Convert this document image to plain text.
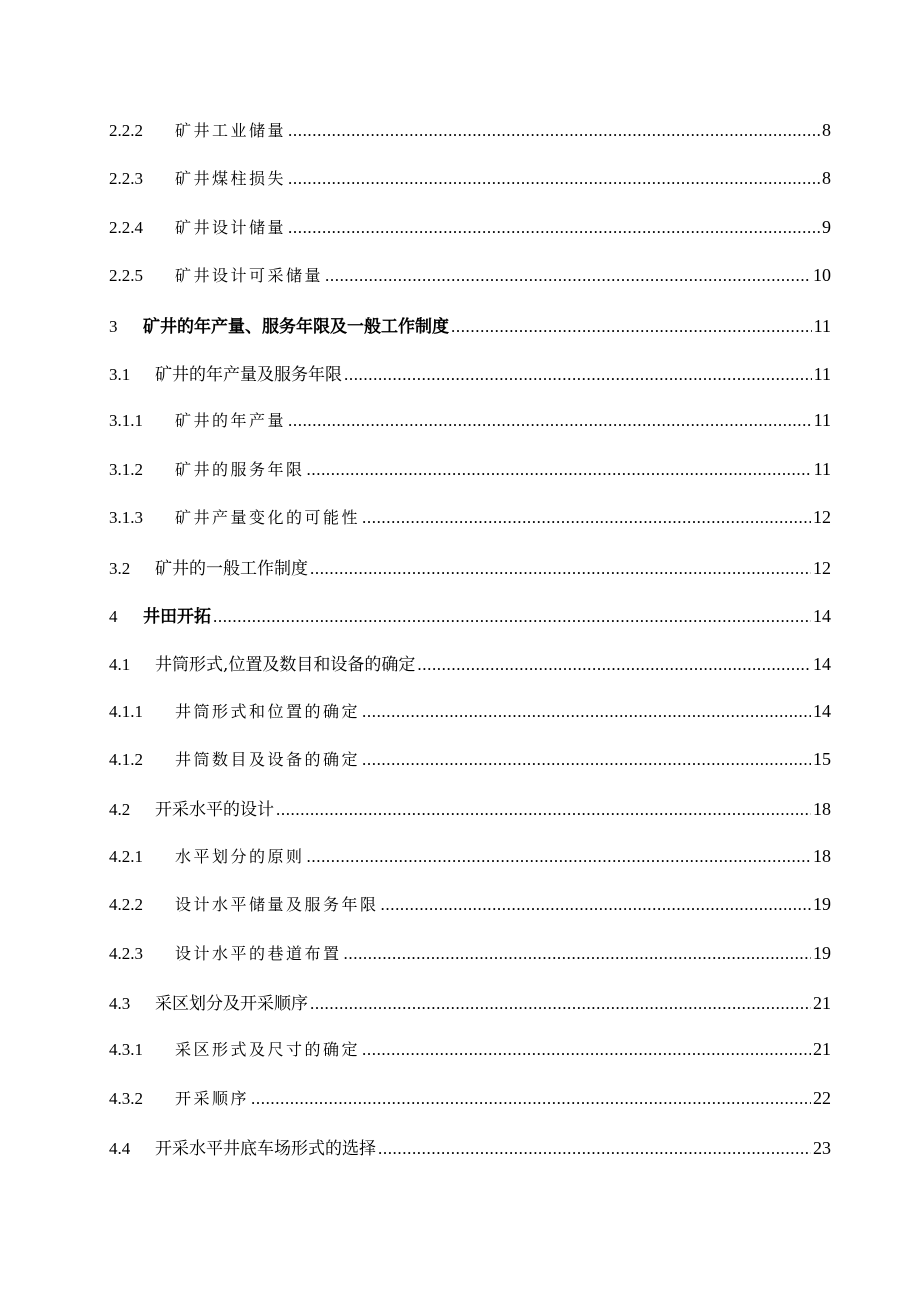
2.2.2	矿井工业储量 .....	8
2.2.3	矿井煤柱损失 .....	8
2.2.4	矿井设计储量 .....	9
2.2.5	矿井设计可采储量 .....	10
3	矿井的年产量、服务年限及一般工作制度 .....	11
3.1	矿井的年产量及服务年限 .....	11
3.1.1	矿井的年产量 .....	11
3.1.2	矿井的服务年限 .....	11
3.1.3	矿井产量变化的可能性 .....	12
3.2	矿井的一般工作制度 .....	12
4	井田开拓 .....	14
4.1	井筒形式,位置及数目和设备的确定 .....	14
4.1.1	井筒形式和位置的确定 .....	14
4.1.2	井筒数目及设备的确定 .....	15
4.2	开采水平的设计 .....	18
4.2.1	水平划分的原则 .....	18
4.2.2	设计水平储量及服务年限 .....	19
4.2.3	设计水平的巷道布置 .....	19
4.3	采区划分及开采顺序 .....	21
4.3.1	采区形式及尺寸的确定 .....	21
4.3.2	开采顺序 .....	22
4.4	开采水平井底车场形式的选择 .....	23
